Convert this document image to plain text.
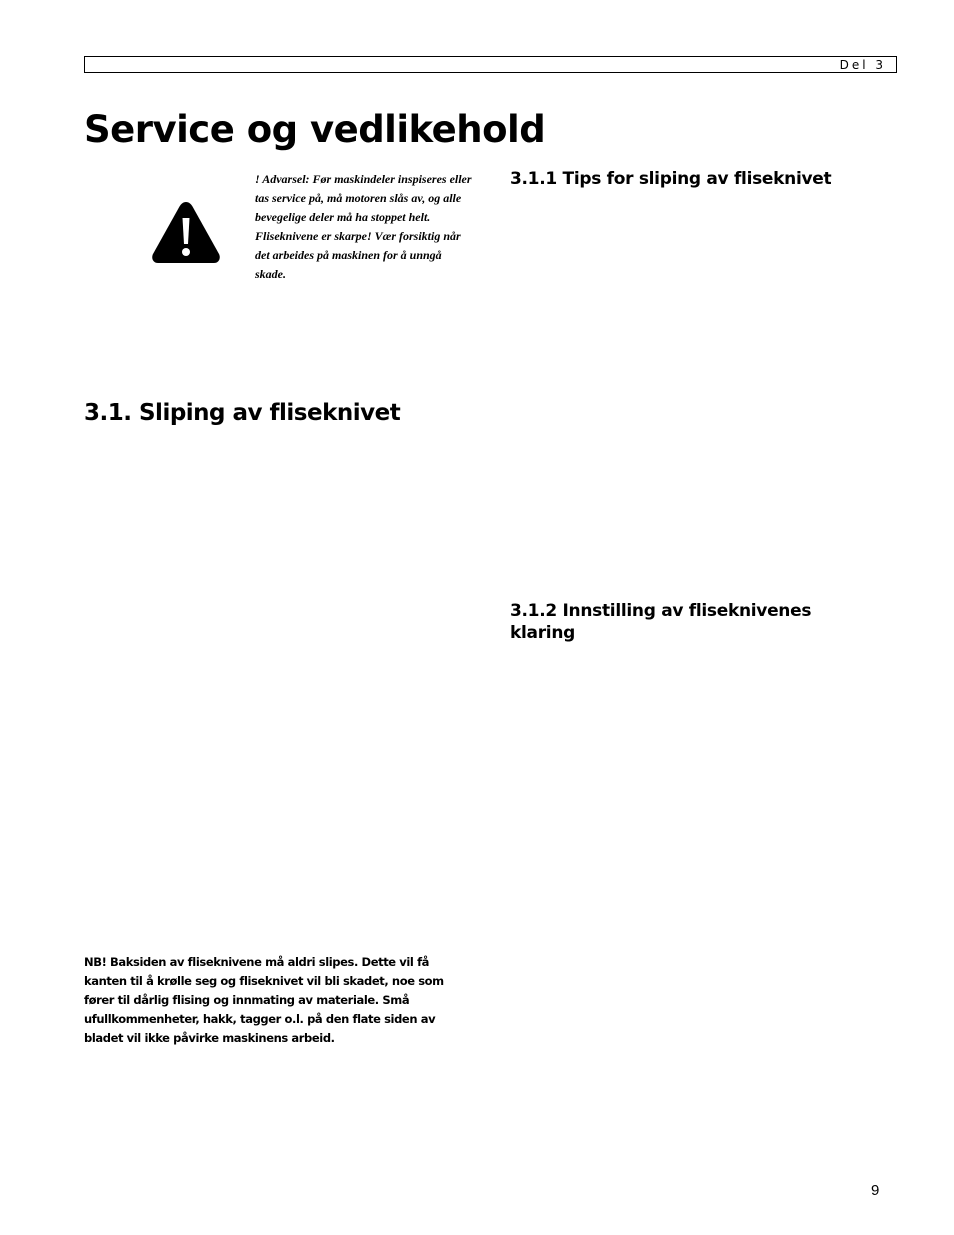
Del 3
Service og vedlikehold

! Advarsel: Før maskindeler inspiseres eller tas service på, må motoren slås av, og alle bevegelige deler må ha stoppet helt. Fliseknivene er skarpe! Vær forsiktig når det arbeides på maskinen for å unngå skade.

3.1.1 Tips for sliping av fliseknivet
3.1. Sliping av fliseknivet
3.1.2 Innstilling av fliseknivenes klaring

NB! Baksiden av fliseknivene må aldri slipes. Dette vil få kanten til å krølle seg og fliseknivet vil bli skadet, noe som fører til dårlig flising og innmating av materiale. Små ufullkommenheter, hakk, tagger o.l. på den flate siden av bladet vil ikke påvirke maskinens arbeid.

9
